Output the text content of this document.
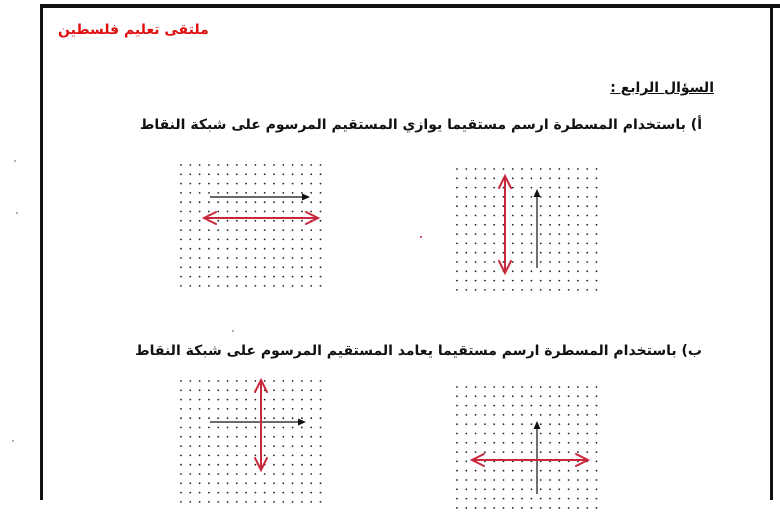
ملتقى تعليم فلسطين
السؤال الرابع :
أ) باستخدام المسطرة ارسم مستقيما يوازي المستقيم المرسوم على شبكة النقاط
ب) باستخدام المسطرة ارسم مستقيما يعامد المستقيم المرسوم على شبكة النقاط
